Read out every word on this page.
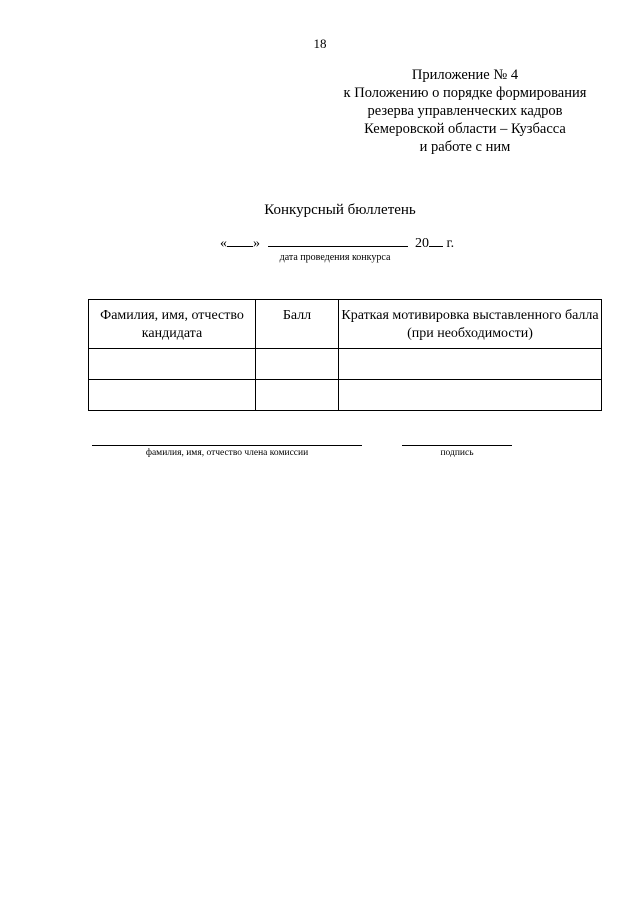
18
Приложение № 4
к Положению о порядке формирования
резерва управленческих кадров
Кемеровской области – Кузбасса
и работе с ним
Конкурсный бюллетень
« »	20 г.
дата проведения конкурса
Фамилия, имя, отчество кандидата	Балл	Краткая мотивировка выставленного балла (при необходимости)

фамилия, имя, отчество члена комиссии	подпись
